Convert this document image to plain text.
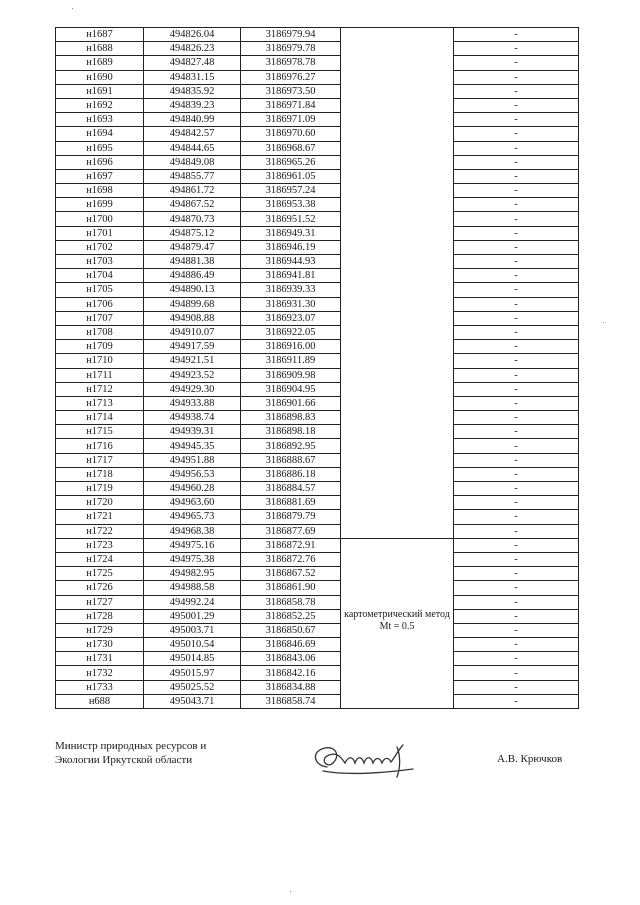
н1687	494826.04	3186979.94		-
н1688	494826.23	3186979.78		-
н1689	494827.48	3186978.78		-
н1690	494831.15	3186976.27		-
н1691	494835.92	3186973.50		-
н1692	494839.23	3186971.84		-
н1693	494840.99	3186971.09		-
н1694	494842.57	3186970.60		-
н1695	494844.65	3186968.67		-
н1696	494849.08	3186965.26		-
н1697	494855.77	3186961.05		-
н1698	494861.72	3186957.24		-
н1699	494867.52	3186953.38		-
н1700	494870.73	3186951.52		-
н1701	494875.12	3186949.31		-
н1702	494879.47	3186946.19		-
н1703	494881.38	3186944.93		-
н1704	494886.49	3186941.81		-
н1705	494890.13	3186939.33		-
н1706	494899.68	3186931.30		-
н1707	494908.88	3186923.07		-
н1708	494910.07	3186922.05		-
н1709	494917.59	3186916.00		-
н1710	494921.51	3186911.89		-
н1711	494923.52	3186909.98		-
н1712	494929.30	3186904.95		-
н1713	494933.88	3186901.66		-
н1714	494938.74	3186898.83		-
н1715	494939.31	3186898.18		-
н1716	494945.35	3186892.95		-
н1717	494951.88	3186888.67		-
н1718	494956.53	3186886.18		-
н1719	494960.28	3186884.57		-
н1720	494963.60	3186881.69		-
н1721	494965.73	3186879.79		-
н1722	494968.38	3186877.69		-
н1723	494975.16	3186872.91	картометрический метод Mt = 0.5	-
н1724	494975.38	3186872.76		-
н1725	494982.95	3186867.52		-
н1726	494988.58	3186861.90		-
н1727	494992.24	3186858.78		-
н1728	495001.29	3186852.25		-
н1729	495003.71	3186850.67		-
н1730	495010.54	3186846.69		-
н1731	495014.85	3186843.06		-
н1732	495015.97	3186842.16		-
н1733	495025.52	3186834.88		-
н688	495043.71	3186858.74		-
Министр природных ресурсов и
Экологии Иркутской области	А.В. Крючков
